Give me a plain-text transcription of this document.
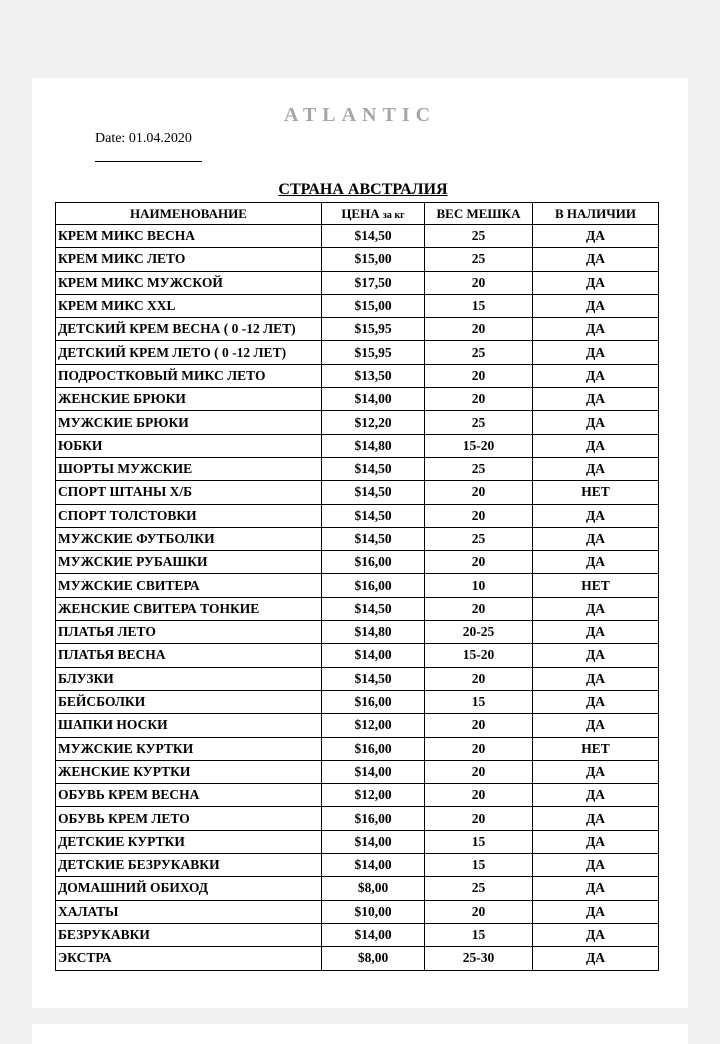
ATLANTIC
Date: 01.04.2020
СТРАНА АВСТРАЛИЯ
НАИМЕНОВАНИЕ	ЦЕНА за кг	ВЕС МЕШКА	В НАЛИЧИИ
КРЕМ МИКС ВЕСНА	$14,50	25	ДА
КРЕМ МИКС ЛЕТО	$15,00	25	ДА
КРЕМ МИКС МУЖСКОЙ	$17,50	20	ДА
КРЕМ МИКС XXL	$15,00	15	ДА
ДЕТСКИЙ КРЕМ ВЕСНА ( 0 -12 ЛЕТ)	$15,95	20	ДА
ДЕТСКИЙ КРЕМ ЛЕТО ( 0 -12 ЛЕТ)	$15,95	25	ДА
ПОДРОСТКОВЫЙ МИКС ЛЕТО	$13,50	20	ДА
ЖЕНСКИЕ БРЮКИ	$14,00	20	ДА
МУЖСКИЕ БРЮКИ	$12,20	25	ДА
ЮБКИ	$14,80	15-20	ДА
ШОРТЫ МУЖСКИЕ	$14,50	25	ДА
СПОРТ ШТАНЫ Х/Б	$14,50	20	НЕТ
СПОРТ ТОЛСТОВКИ	$14,50	20	ДА
МУЖСКИЕ ФУТБОЛКИ	$14,50	25	ДА
МУЖСКИЕ РУБАШКИ	$16,00	20	ДА
МУЖСКИЕ СВИТЕРА	$16,00	10	НЕТ
ЖЕНСКИЕ СВИТЕРА ТОНКИЕ	$14,50	20	ДА
ПЛАТЬЯ ЛЕТО	$14,80	20-25	ДА
ПЛАТЬЯ ВЕСНА	$14,00	15-20	ДА
БЛУЗКИ	$14,50	20	ДА
БЕЙСБОЛКИ	$16,00	15	ДА
ШАПКИ НОСКИ	$12,00	20	ДА
МУЖСКИЕ КУРТКИ	$16,00	20	НЕТ
ЖЕНСКИЕ КУРТКИ	$14,00	20	ДА
ОБУВЬ КРЕМ ВЕСНА	$12,00	20	ДА
ОБУВЬ КРЕМ ЛЕТО	$16,00	20	ДА
ДЕТСКИЕ КУРТКИ	$14,00	15	ДА
ДЕТСКИЕ БЕЗРУКАВКИ	$14,00	15	ДА
ДОМАШНИЙ ОБИХОД	$8,00	25	ДА
ХАЛАТЫ	$10,00	20	ДА
БЕЗРУКАВКИ	$14,00	15	ДА
ЭКСТРА	$8,00	25-30	ДА
